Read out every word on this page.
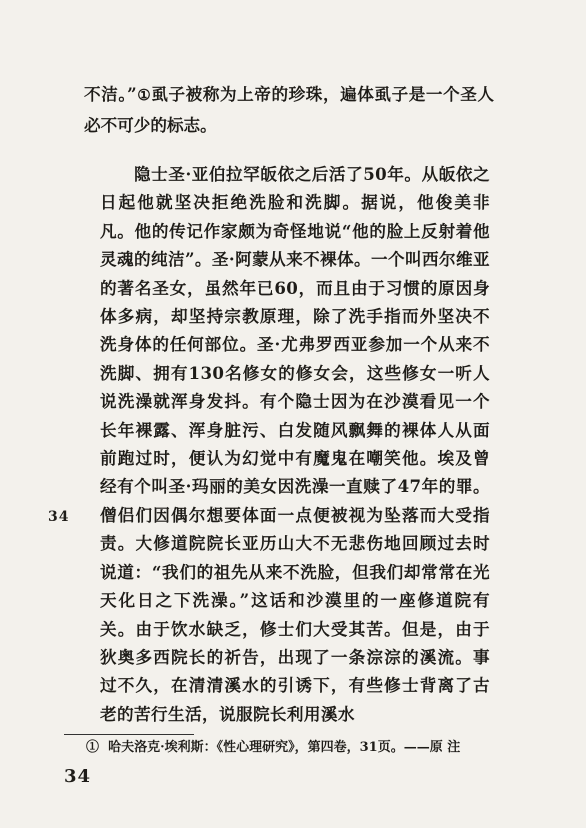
不洁。”①虱子被称为上帝的珍珠，遍体虱子是一个圣人必不可少的标志。

隐士圣·亚伯拉罕皈依之后活了50年。从皈依之日起他就坚决拒绝洗脸和洗脚。据说，他俊美非凡。他的传记作家颇为奇怪地说“他的脸上反射着他灵魂的纯洁”。圣·阿蒙从来不裸体。一个叫西尔维亚的著名圣女，虽然年已60，而且由于习惯的原因身体多病，却坚持宗教原理，除了洗手指而外坚决不洗身体的任何部位。圣·尤弗罗西亚参加一个从来不洗脚、拥有130名修女的修女会，这些修女一听人说洗澡就浑身发抖。有个隐士因为在沙漠看见一个长年裸露、浑身脏污、白发随风飘舞的裸体人从面前跑过时，便认为幻觉中有魔鬼在嘲笑他。埃及曾经有个叫圣·玛丽的美女因洗澡一直赎了47年的罪。僧侣们因偶尔想要体面一点便被视为坠落而大受指责。大修道院院长亚历山大不无悲伤地回顾过去时说道：“我们的祖先从来不洗脸，但我们却常常在光天化日之下洗澡。”这话和沙漠里的一座修道院有关。由于饮水缺乏，修士们大受其苦。但是，由于狄奥多西院长的祈告，出现了一条淙淙的溪流。事过不久，在清清溪水的引诱下，有些修士背离了古老的苦行生活，说服院长利用溪水

34

① 哈夫洛克·埃利斯：《性心理研究》，第四卷，31页。——原 注

34
